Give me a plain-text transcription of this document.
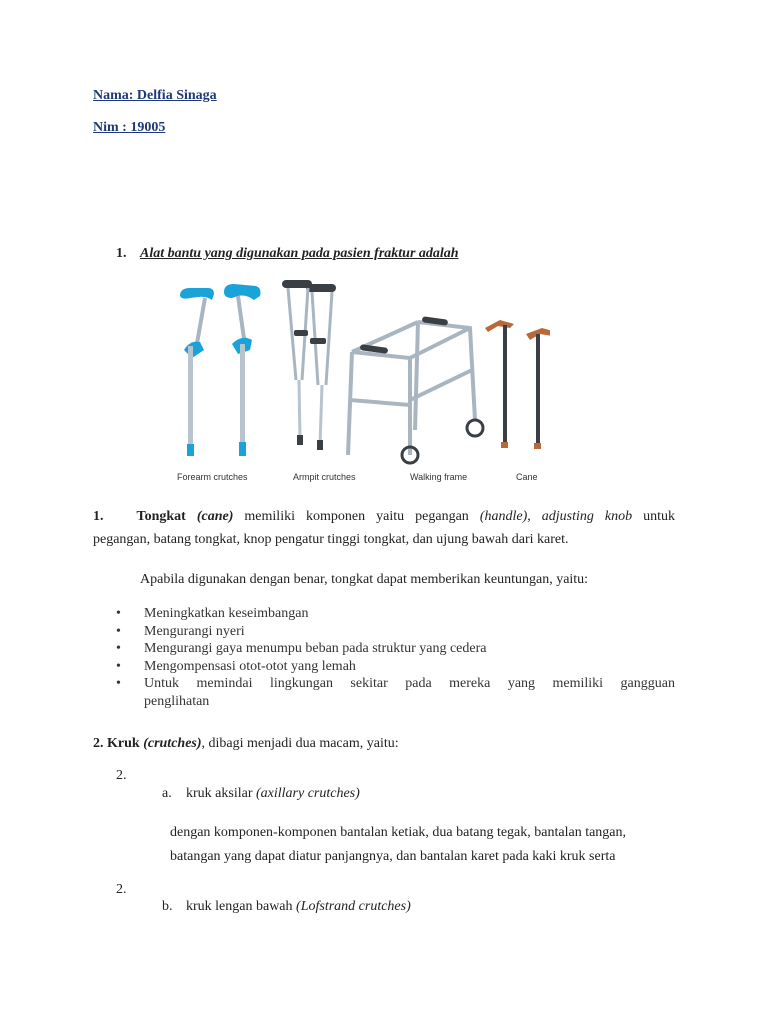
Nama: Delfia Sinaga
Nim : 19005
1. Alat bantu yang digunakan pada pasien fraktur adalah
Forearm crutches	Armpit crutches	Walking frame	Cane
1. Tongkat (cane) memiliki komponen yaitu pegangan (handle), adjusting knob untuk
pegangan, batang tongkat, knop pengatur tinggi tongkat, dan ujung bawah dari karet.
Apabila digunakan dengan benar, tongkat dapat memberikan keuntungan, yaitu:
• Meningkatkan keseimbangan
• Mengurangi nyeri
• Mengurangi gaya menumpu beban pada struktur yang cedera
• Mengompensasi otot-otot yang lemah
• Untuk memindai lingkungan sekitar pada mereka yang memiliki gangguan
penglihatan
2. Kruk (crutches), dibagi menjadi dua macam, yaitu:
2.
a. kruk aksilar (axillary crutches)
dengan komponen-komponen bantalan ketiak, dua batang tegak, bantalan tangan,
batangan yang dapat diatur panjangnya, dan bantalan karet pada kaki kruk serta
2.
b. kruk lengan bawah (Lofstrand crutches)
